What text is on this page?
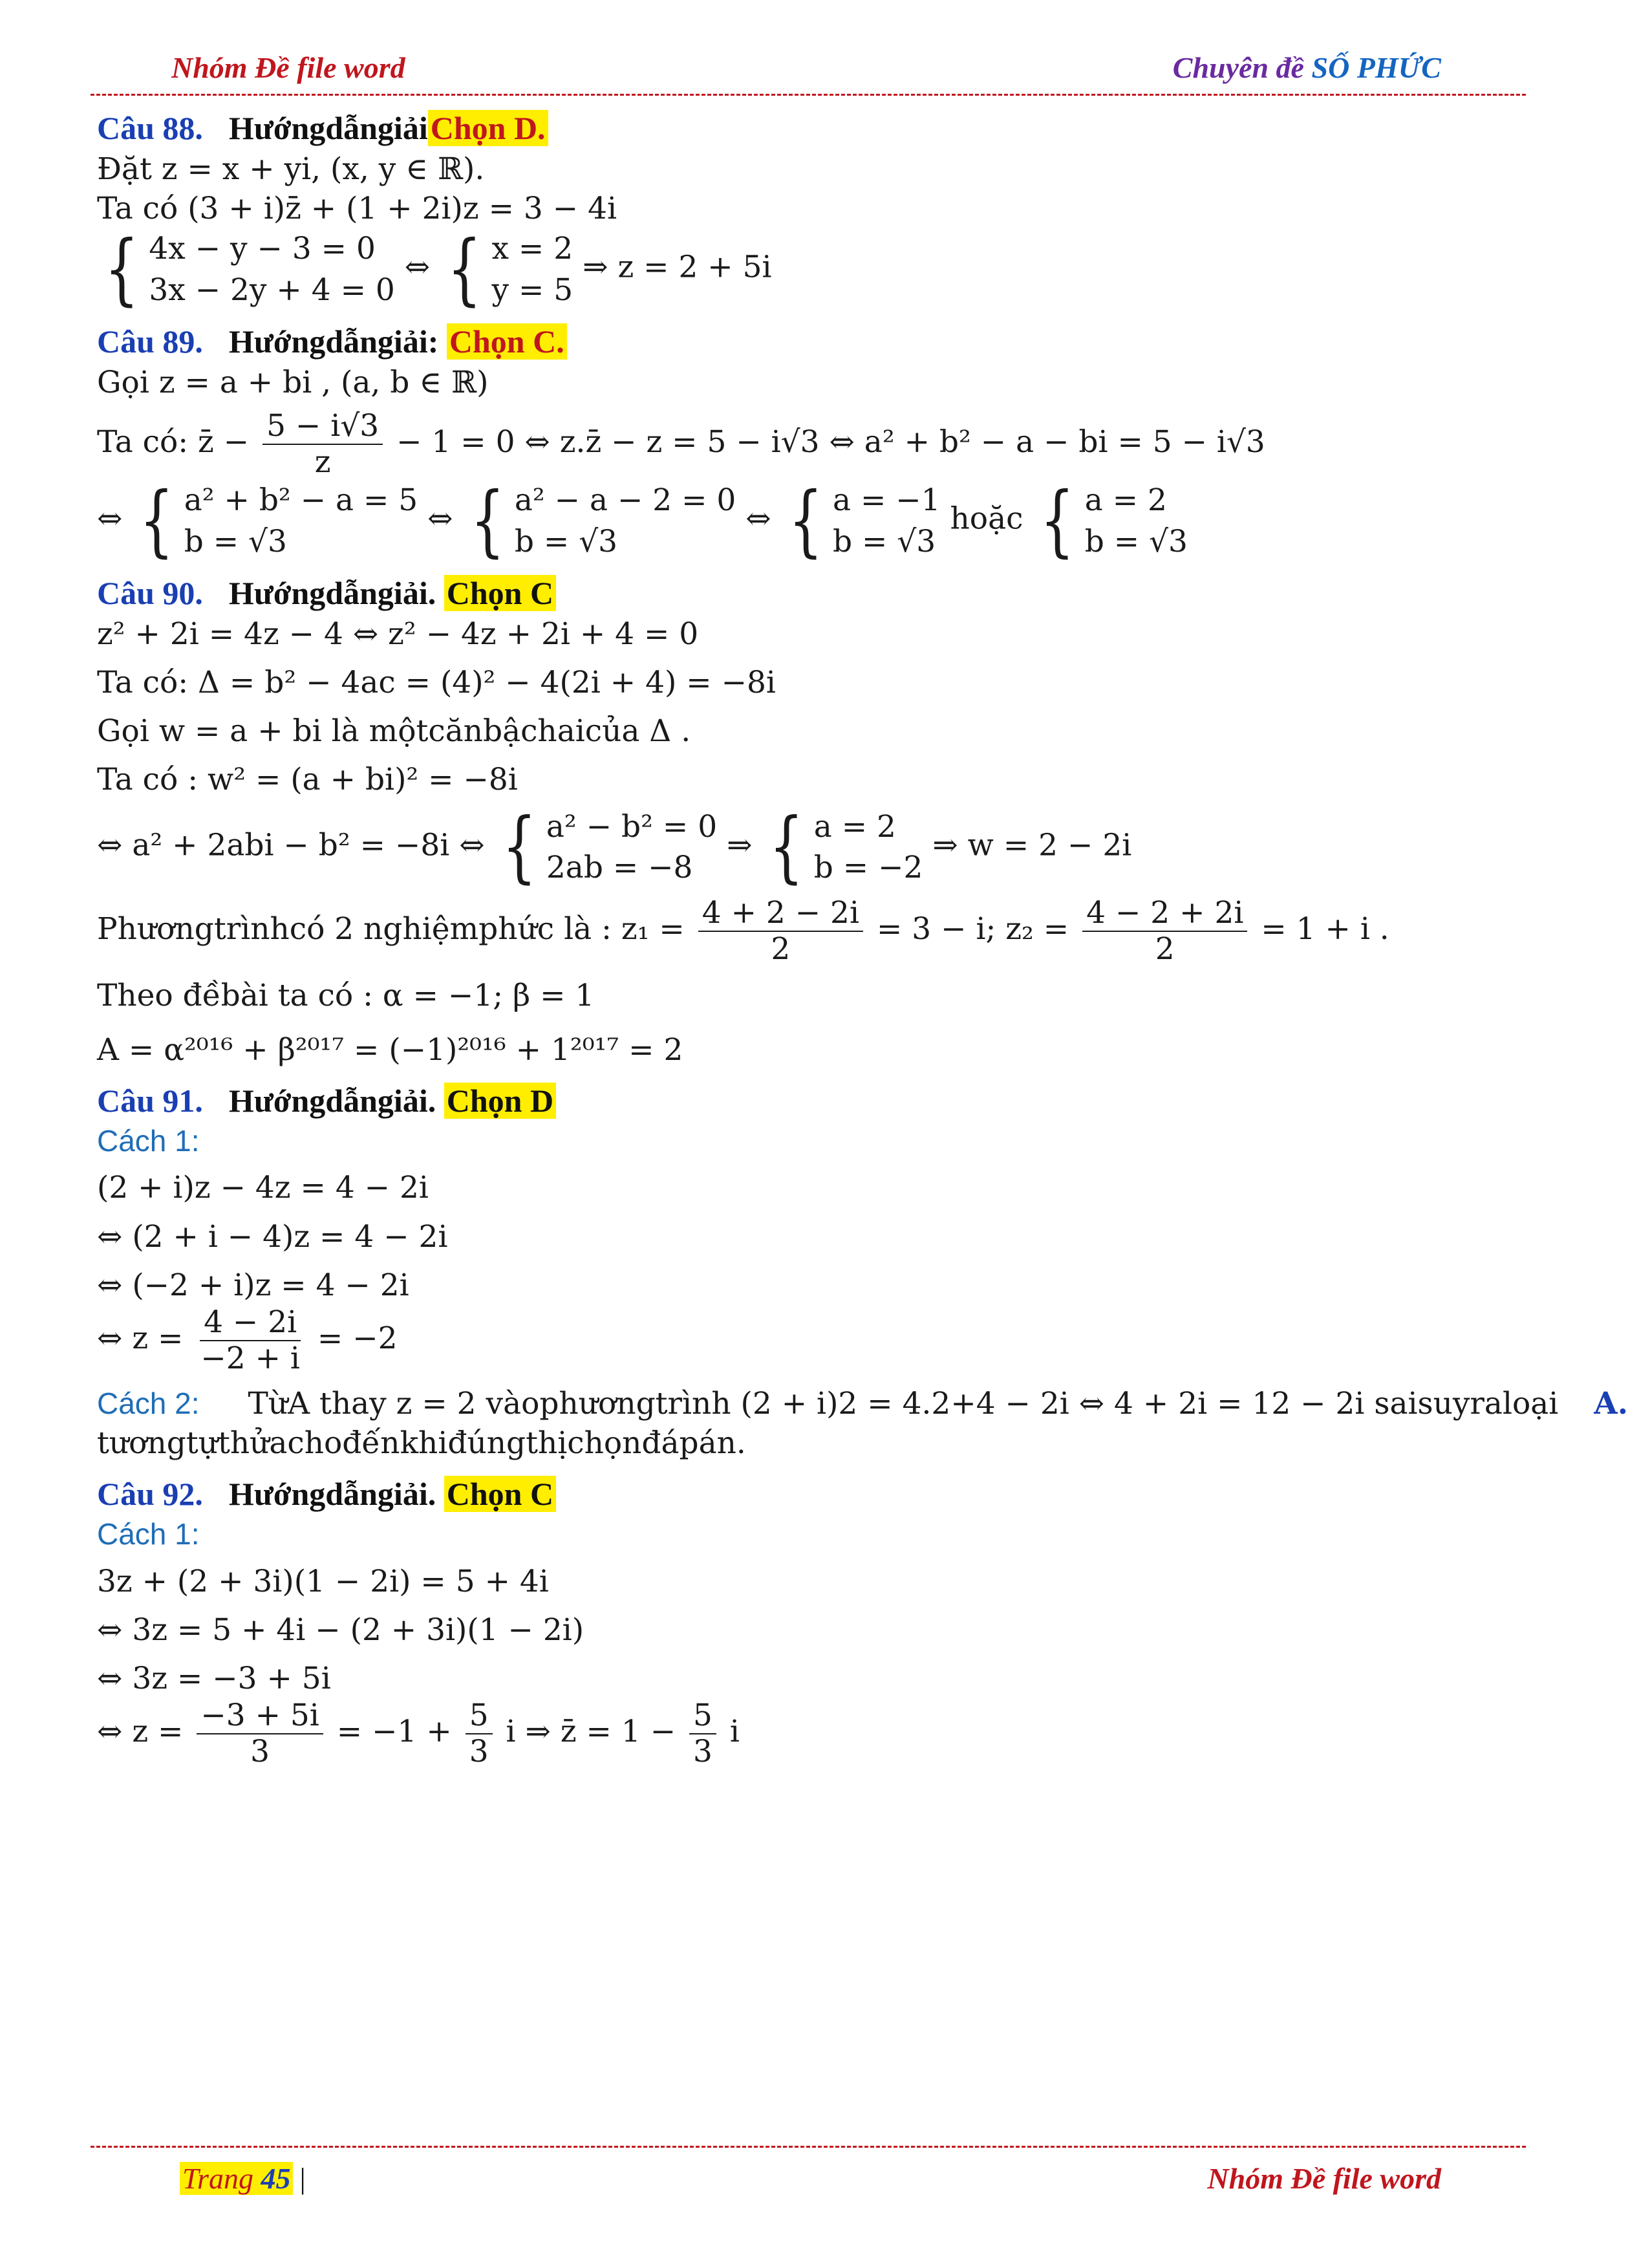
Nhóm Đề file word	Chuyên đề SỐ PHỨC
Câu 88. HướngdẫngiảiChọn D.
Đặt z = x + yi, (x, y ∈ ℝ).
Ta có (3 + i)z̄ + (1 + 2i)z = 3 − 4i
{ 4x − y − 3 = 0
3x − 2y + 4 = 0
⇔ { x = 2
y = 5
⇒ z = 2 + 5i
Câu 89. Hướngdẫngiải: Chọn C.
Gọi z = a + bi , (a, b ∈ ℝ)
Ta có: z̄ − $\frac{5 - i√3}{z} - 1 = 0$ ⇔ z.z̄ − z = 5 − i√3 ⇔ a² + b² − a − bi = 5 − i√3
⇔ { a² + b² − a = 5
b = √3
⇔ { a² − a − 2 = 0
b = √3
⇔ { a = −1
b = √3
hoặc { a = 2
b = √3
Câu 90. Hướngdẫngiải. Chọn C
z² + 2i = 4z − 4 ⇔ z² − 4z + 2i + 4 = 0
Ta có: Δ = b² − 4ac = (4)² − 4(2i + 4) = −8i
Gọi w = a + bi là mộtcănbậchaicủa Δ .
Ta có : w² = (a + bi)² = −8i
⇔ a² + 2abi − b² = −8i ⇔ { a² − b² = 0
2ab = −8
⇒ { a = 2
b = −2
⇒ w = 2 − 2i
Phươngtrìnhcó 2 nghiệmphức là : $z_1 = \frac{4 + 2 - 2i}{2} = 3 - i$; $z_2 = \frac{4 - 2 + 2i}{2} = 1 + i$ .
Theo đềbài ta có : α = −1; β = 1
A = α²⁰¹⁶ + β²⁰¹⁷ = (−1)²⁰¹⁶ + 1²⁰¹⁷ = 2
Câu 91. Hướngdẫngiải. Chọn D
Cách 1:
(2 + i)z − 4z = 4 − 2i
⇔ (2 + i − 4)z = 4 − 2i
⇔ (−2 + i)z = 4 − 2i
⇔ $z = \frac{4 - 2i}{-2 + i} = -2$
Cách 2: TừA thay z = 2 vàophươngtrình (2 + i)2 = 4.2+4 − 2i ⇔ 4 + 2i = 12 − 2i saisuyraloại A.
tươngtựthửachođếnkhiđúngthịchọnđápán.
Câu 92. Hướngdẫngiải. Chọn C
Cách 1:
3z + (2 + 3i)(1 − 2i) = 5 + 4i
⇔ 3z = 5 + 4i − (2 + 3i)(1 − 2i)
⇔ 3z = −3 + 5i
⇔ $z = \frac{-3 + 5i}{3} = -1 + \frac{5}{3}$ i ⇒ z̄ = $1 - \frac{5}{3}$ i
Trang 45 |	Nhóm Đề file word
